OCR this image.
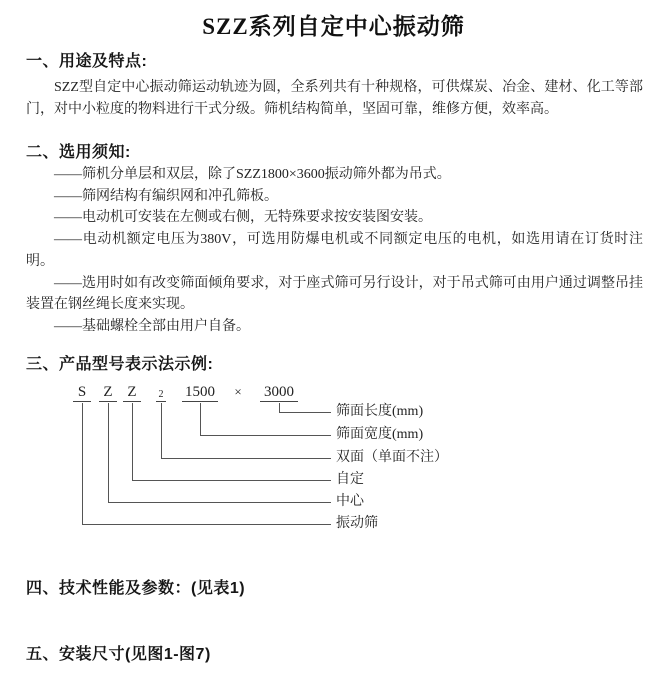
SZZ系列自定中心振动筛
一、用途及特点:
SZZ型自定中心振动筛运动轨迹为圆，全系列共有十种规格，可供煤炭、冶金、建材、化工等部门，对中小粒度的物料进行干式分级。筛机结构简单，坚固可靠，维修方便，效率高。
二、选用须知:

——筛机分单层和双层，除了SZZ1800×3600振动筛外都为吊式。

——筛网结构有编织网和冲孔筛板。

——电动机可安装在左侧或右侧，无特殊要求按安装图安装。

——电动机额定电压为380V，可选用防爆电机或不同额定电压的电机，如选用请在订货时注明。

——选用时如有改变筛面倾角要求，对于座式筛可另行设计，对于吊式筛可由用户通过调整吊挂装置在钢丝绳长度来实现。

——基础螺栓全部由用户自备。

三、产品型号表示法示例:
S	Z Z	2 1500	× 3000
筛面长度(mm)
筛面宽度(mm)
双面（单面不注）
自定
中心
振动筛
四、技术性能及参数：(见表1)
五、安装尺寸(见图1-图7)
